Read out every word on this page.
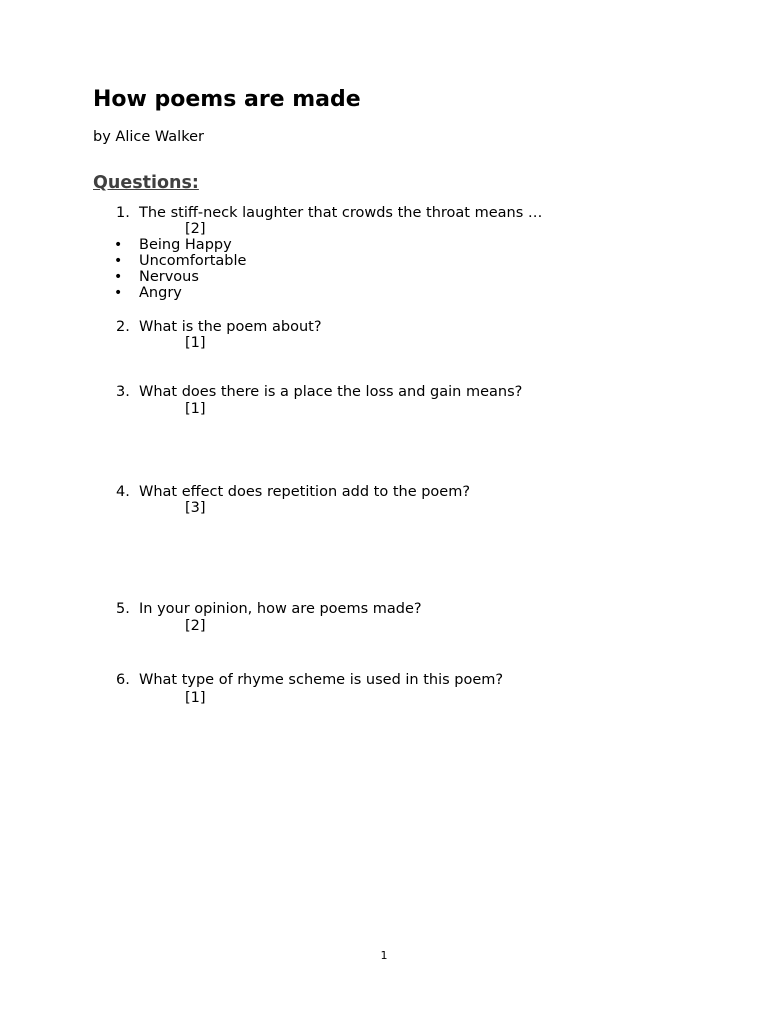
How poems are made

by Alice Walker

Questions:
1. The stiff-neck laughter that crowds the throat means …
[2]
• Being Happy
• Uncomfortable
• Nervous
• Angry
2. What is the poem about?
[1]
3. What does there is a place the loss and gain means?
[1]
4. What effect does repetition add to the poem?
[3]
5. In your opinion, how are poems made?
[2]
6. What type of rhyme scheme is used in this poem?
[1]
1
